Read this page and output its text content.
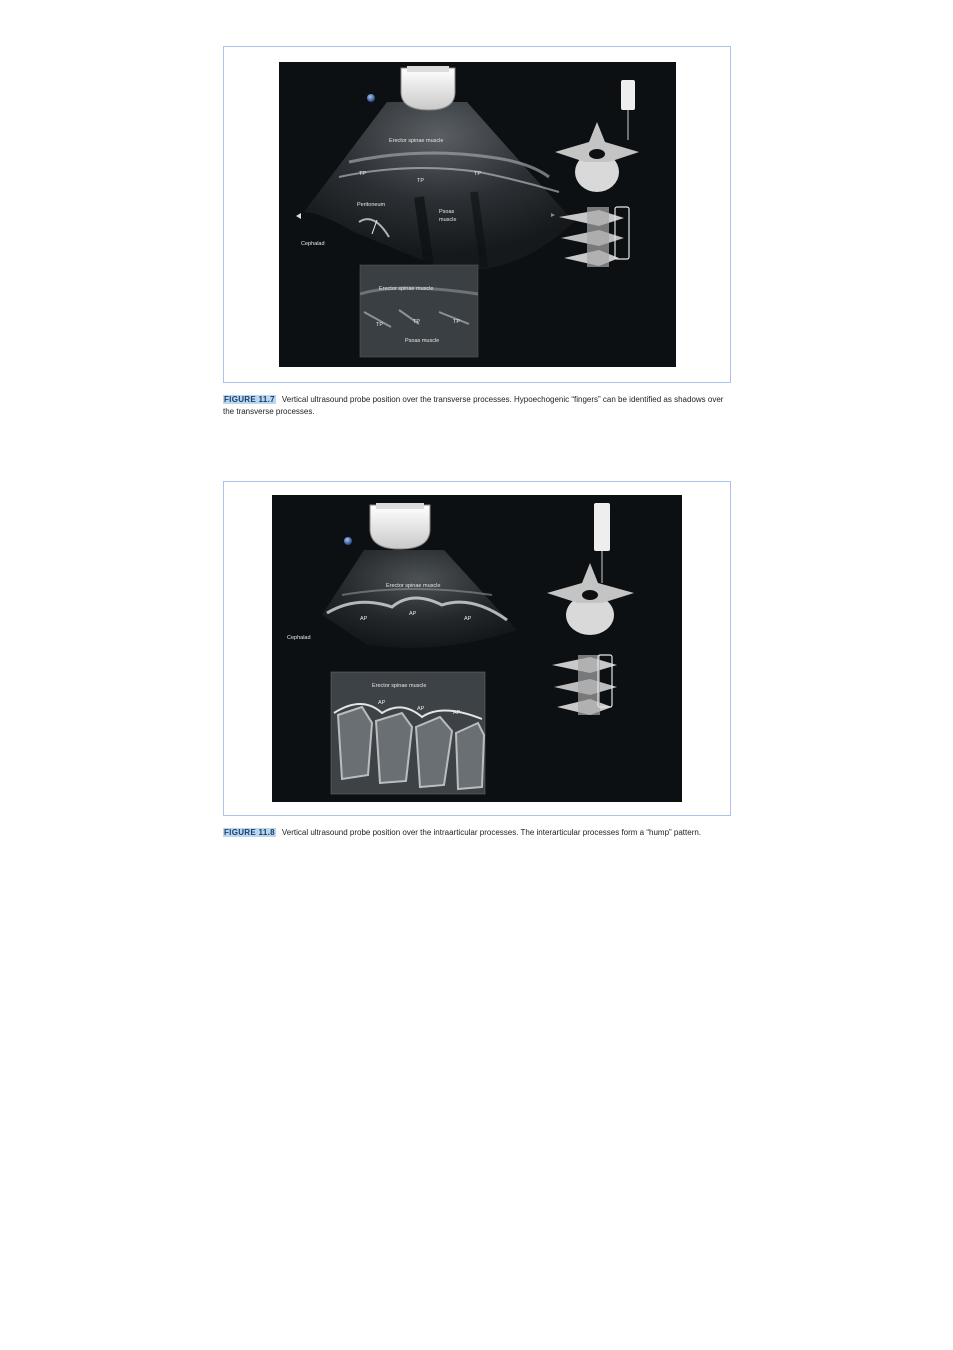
Erector spinae muscle
TP
TP
TP
Peritoneum
Psoas
muscle
Cephalad
Erector spinae muscle
TP	TP	TP
Psoas muscle
FIGURE 11.7 Vertical ultrasound probe position over the transverse processes. Hypoechogenic “fingers” can be identified as shadows over the transverse processes.
Erector spinae muscle
AP
AP
AP
Cephalad
Erector spinae muscle
AP
AP
AP
FIGURE 11.8 Vertical ultrasound probe position over the intraarticular processes. The interarticular processes form a “hump” pattern.
